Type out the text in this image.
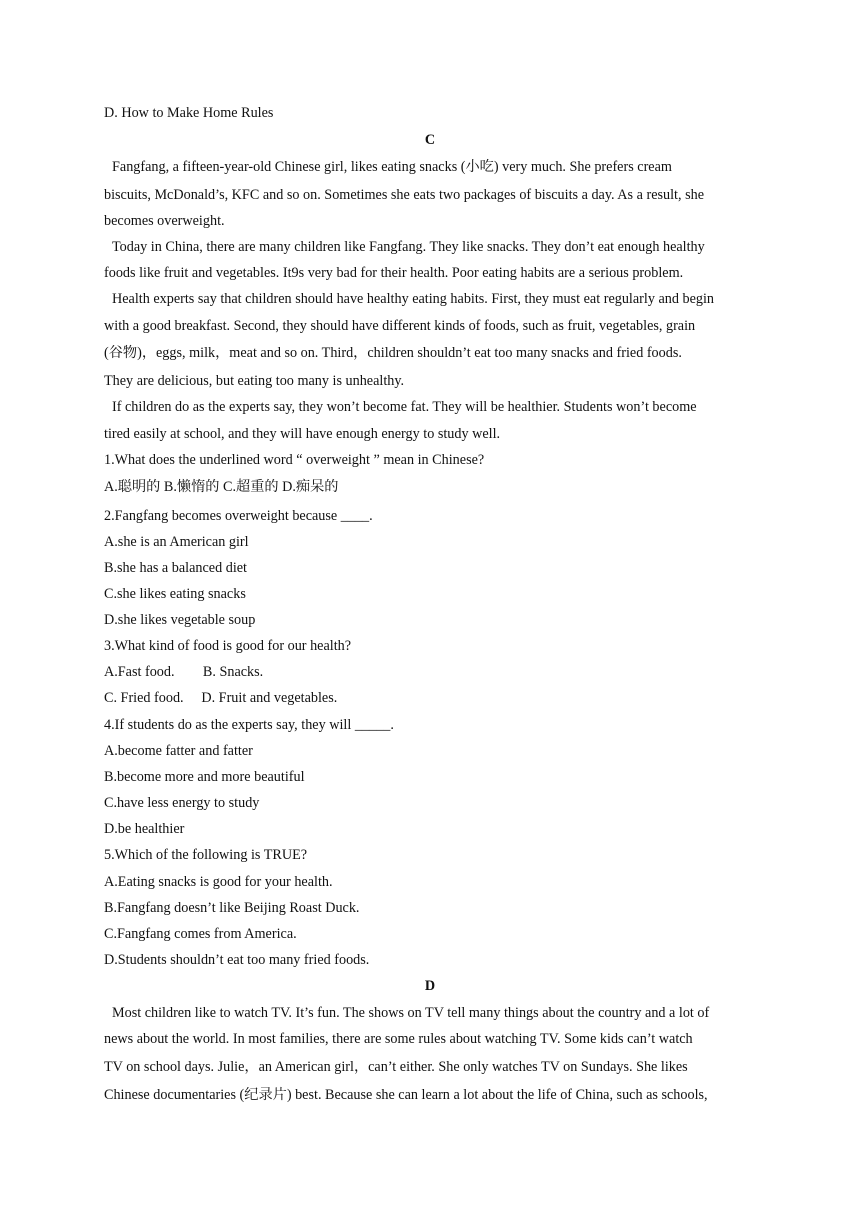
D. How to Make Home Rules
C
Fangfang, a fifteen-year-old Chinese girl, likes eating snacks (小吃) very much. She prefers cream
biscuits, McDonald’s, KFC and so on. Sometimes she eats two packages of biscuits a day. As a result, she
becomes overweight.
Today in China, there are many children like Fangfang. They like snacks. They don’t eat enough healthy
foods like fruit and vegetables. It9s very bad for their health. Poor eating habits are a serious problem.
Health experts say that children should have healthy eating habits. First, they must eat regularly and begin
with a good breakfast. Second, they should have different kinds of foods, such as fruit, vegetables, grain
(谷物)，eggs, milk，meat and so on. Third，children shouldn’t eat too many snacks and fried foods.
They are delicious, but eating too many is unhealthy.
If children do as the experts say, they won’t become fat. They will be healthier. Students won’t become
tired easily at school, and they will have enough energy to study well.
1.What does the underlined word “ overweight ” mean in Chinese?
A.聪明的 B.懒惰的 C.超重的 D.痴呆的
2.Fangfang becomes overweight because ____.
A.she is an American girl
B.she has a balanced diet
C.she likes eating snacks
D.she likes vegetable soup
3.What kind of food is good for our health?
A.Fast food.        B. Snacks.
C. Fried food.     D. Fruit and vegetables.
4.If students do as the experts say, they will _____.
A.become fatter and fatter
B.become more and more beautiful
C.have less energy to study
D.be healthier
5.Which of the following is TRUE?
A.Eating snacks is good for your health.
B.Fangfang doesn’t like Beijing Roast Duck.
C.Fangfang comes from America.
D.Students shouldn’t eat too many fried foods.
D
Most children like to watch TV. It’s fun. The shows on TV tell many things about the country and a lot of
news about the world. In most families, there are some rules about watching TV. Some kids can’t watch
TV on school days. Julie，an American girl，can’t either. She only watches TV on Sundays. She likes
Chinese documentaries (纪录片) best. Because she can learn a lot about the life of China, such as schools,
